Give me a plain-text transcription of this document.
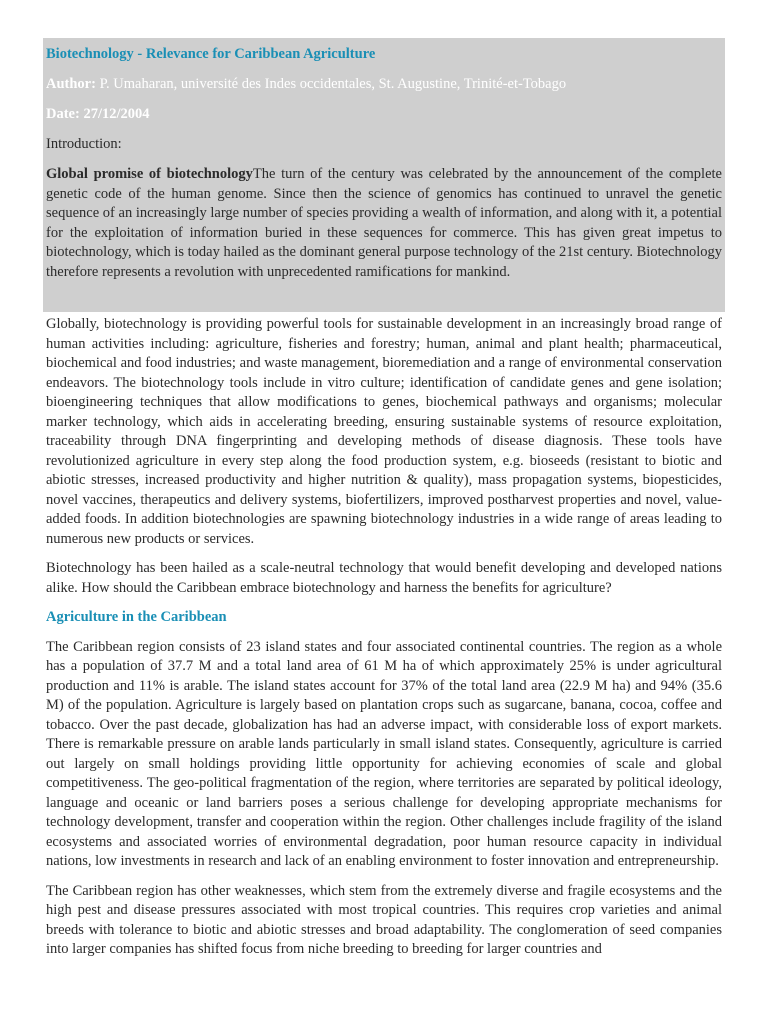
Biotechnology - Relevance for Caribbean Agriculture
Author: P. Umaharan, université des Indes occidentales, St. Augustine, Trinité-et-Tobago
Date: 27/12/2004
Introduction:

Global promise of biotechnologyThe turn of the century was celebrated by the announcement of the complete genetic code of the human genome. Since then the science of genomics has continued to unravel the genetic sequence of an increasingly large number of species providing a wealth of information, and along with it, a potential for the exploitation of information buried in these sequences for commerce. This has given great impetus to biotechnology, which is today hailed as the dominant general purpose technology of the 21st century. Biotechnology therefore represents a revolution with unprecedented ramifications for mankind.

Globally, biotechnology is providing powerful tools for sustainable development in an increasingly broad range of human activities including: agriculture, fisheries and forestry; human, animal and plant health; pharmaceutical, biochemical and food industries; and waste management, bioremediation and a range of environmental conservation endeavors. The biotechnology tools include in vitro culture; identification of candidate genes and gene isolation; bioengineering techniques that allow modifications to genes, biochemical pathways and organisms; molecular marker technology, which aids in accelerating breeding, ensuring sustainable systems of resource exploitation, traceability through DNA fingerprinting and developing methods of disease diagnosis. These tools have revolutionized agriculture in every step along the food production system, e.g. bioseeds (resistant to biotic and abiotic stresses, increased productivity and higher nutrition & quality), mass propagation systems, biopesticides, novel vaccines, therapeutics and delivery systems, biofertilizers, improved postharvest properties and novel, value-added foods. In addition biotechnologies are spawning biotechnology industries in a wide range of areas leading to numerous new products or services.

Biotechnology has been hailed as a scale-neutral technology that would benefit developing and developed nations alike. How should the Caribbean embrace biotechnology and harness the benefits for agriculture?

Agriculture in the Caribbean

The Caribbean region consists of 23 island states and four associated continental countries. The region as a whole has a population of 37.7 M and a total land area of 61 M ha of which approximately 25% is under agricultural production and 11% is arable. The island states account for 37% of the total land area (22.9 M ha) and 94% (35.6 M) of the population. Agriculture is largely based on plantation crops such as sugarcane, banana, cocoa, coffee and tobacco. Over the past decade, globalization has had an adverse impact, with considerable loss of export markets. There is remarkable pressure on arable lands particularly in small island states. Consequently, agriculture is carried out largely on small holdings providing little opportunity for achieving economies of scale and global competitiveness. The geo-political fragmentation of the region, where territories are separated by political ideology, language and oceanic or land barriers poses a serious challenge for developing appropriate mechanisms for technology development, transfer and cooperation within the region. Other challenges include fragility of the island ecosystems and associated worries of environmental degradation, poor human resource capacity in individual nations, low investments in research and lack of an enabling environment to foster innovation and entrepreneurship.

The Caribbean region has other weaknesses, which stem from the extremely diverse and fragile ecosystems and the high pest and disease pressures associated with most tropical countries. This requires crop varieties and animal breeds with tolerance to biotic and abiotic stresses and broad adaptability. The conglomeration of seed companies into larger companies has shifted focus from niche breeding to breeding for larger countries and
